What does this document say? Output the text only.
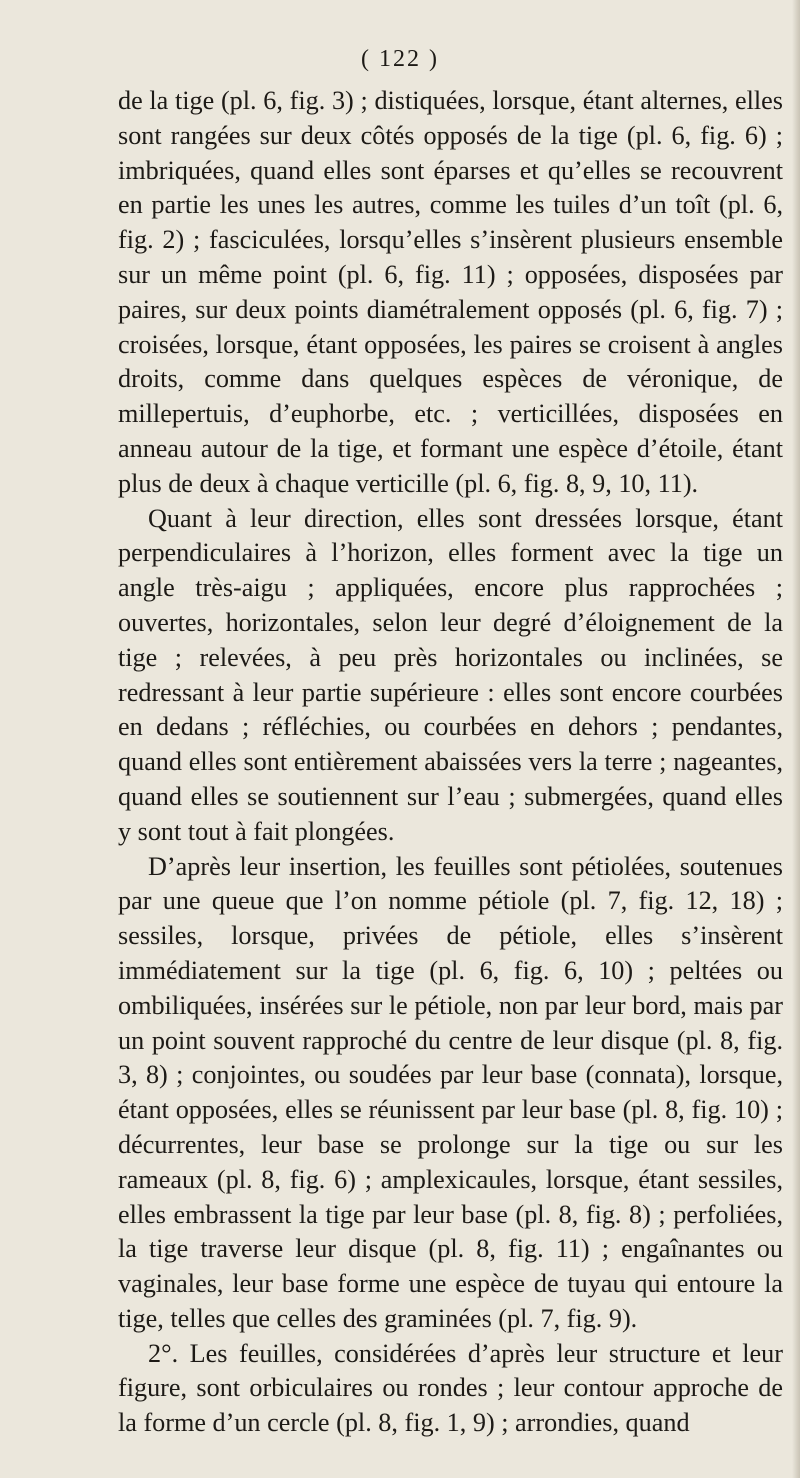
( 122 )

de la tige (pl. 6, fig. 3) ; distiquées, lorsque, étant alternes, elles sont rangées sur deux côtés opposés de la tige (pl. 6, fig. 6) ; imbriquées, quand elles sont éparses et qu’elles se recouvrent en partie les unes les autres, comme les tuiles d’un toît (pl. 6, fig. 2) ; fasciculées, lorsqu’elles s’insèrent plusieurs ensemble sur un même point (pl. 6, fig. 11) ; opposées, disposées par paires, sur deux points diamétralement opposés (pl. 6, fig. 7) ; croisées, lorsque, étant opposées, les paires se croisent à angles droits, comme dans quelques espèces de véronique, de millepertuis, d’euphorbe, etc. ; verticillées, disposées en anneau autour de la tige, et formant une espèce d’étoile, étant plus de deux à chaque verticille (pl. 6, fig. 8, 9, 10, 11).

Quant à leur direction, elles sont dressées lorsque, étant perpendiculaires à l’horizon, elles forment avec la tige un angle très-aigu ; appliquées, encore plus rapprochées ; ouvertes, horizontales, selon leur degré d’éloignement de la tige ; relevées, à peu près horizontales ou inclinées, se redressant à leur partie supérieure : elles sont encore courbées en dedans ; réfléchies, ou courbées en dehors ; pendantes, quand elles sont entièrement abaissées vers la terre ; nageantes, quand elles se soutiennent sur l’eau ; submergées, quand elles y sont tout à fait plongées.

D’après leur insertion, les feuilles sont pétiolées, soutenues par une queue que l’on nomme pétiole (pl. 7, fig. 12, 18) ; sessiles, lorsque, privées de pétiole, elles s’insèrent immédiatement sur la tige (pl. 6, fig. 6, 10) ; peltées ou ombiliquées, insérées sur le pétiole, non par leur bord, mais par un point souvent rapproché du centre de leur disque (pl. 8, fig. 3, 8) ; conjointes, ou soudées par leur base (connata), lorsque, étant opposées, elles se réunissent par leur base (pl. 8, fig. 10) ; décurrentes, leur base se prolonge sur la tige ou sur les rameaux (pl. 8, fig. 6) ; amplexicaules, lorsque, étant sessiles, elles embrassent la tige par leur base (pl. 8, fig. 8) ; perfoliées, la tige traverse leur disque (pl. 8, fig. 11) ; engaînantes ou vaginales, leur base forme une espèce de tuyau qui entoure la tige, telles que celles des graminées (pl. 7, fig. 9).

2°. Les feuilles, considérées d’après leur structure et leur figure, sont orbiculaires ou rondes ; leur contour approche de la forme d’un cercle (pl. 8, fig. 1, 9) ; arrondies, quand
